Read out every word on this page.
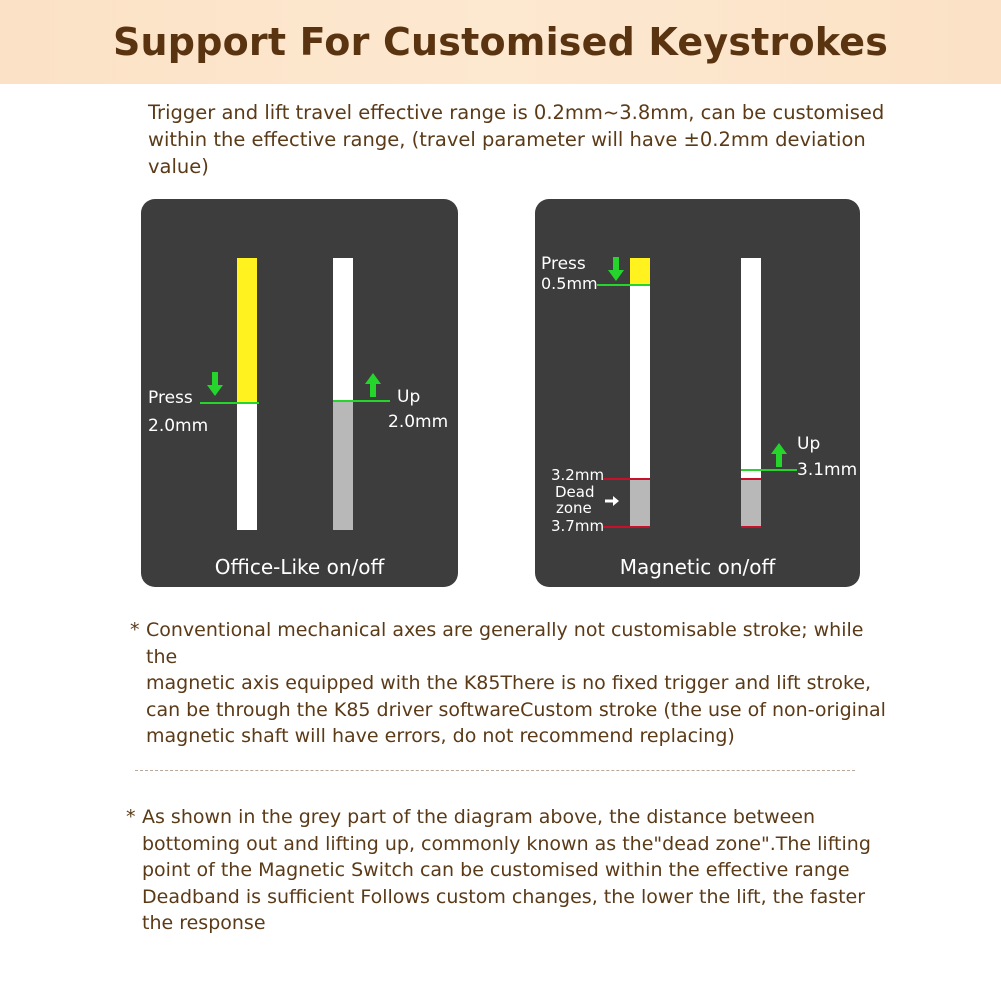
Support For Customised Keystrokes

Trigger and lift travel effective range is 0.2mm~3.8mm, can be customised

within the effective range, (travel parameter will have ±0.2mm deviation value)

Press
2.0mm
Up
2.0mm
Office-Like on/off
Press
0.5mm
3.2mm
Dead
zone
3.7mm
Up
3.1mm
Magnetic on/off
* Conventional mechanical axes are generally not customisable stroke; while the

magnetic axis equipped with the K85There is no fixed trigger and lift stroke,

can be through the K85 driver softwareCustom stroke (the use of non-original

magnetic shaft will have errors, do not recommend replacing)

* As shown in the grey part of the diagram above, the distance between

bottoming out and lifting up, commonly known as the"dead zone".The lifting

point of the Magnetic Switch can be customised within the effective range

Deadband is sufficient Follows custom changes, the lower the lift, the faster

the response
